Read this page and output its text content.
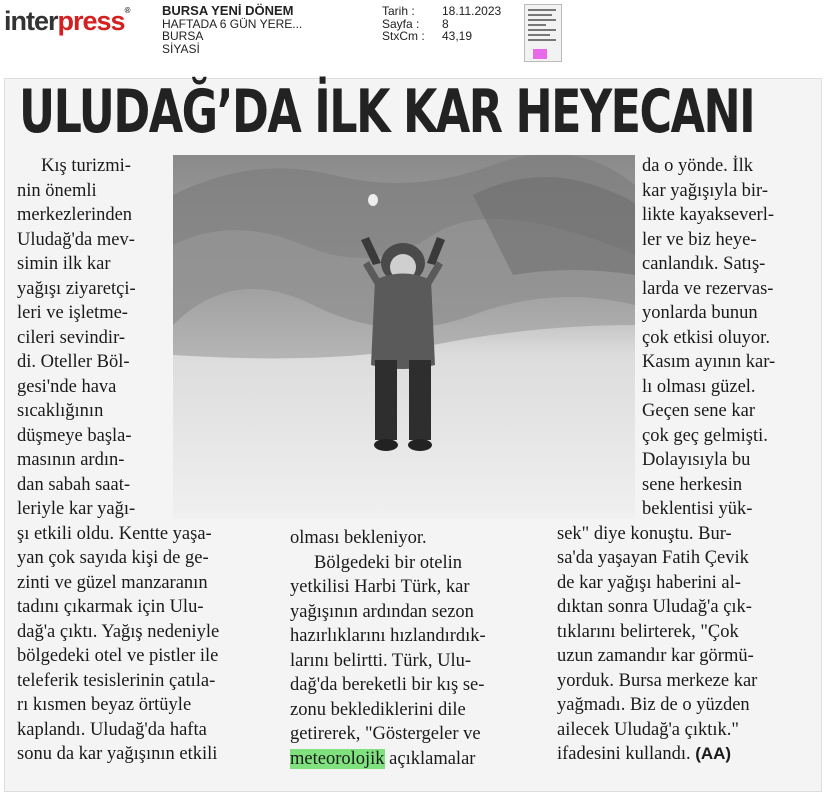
interpress®	BURSA YENİ DÖNEM
HAFTADA 6 GÜN YERE...
BURSA
SİYASİ
Tarih :	18.11.2023
Sayfa :	8
StxCm :	43,19
ULUDAĞ’DA İLK KAR HEYECANI
Kış turizmi-
nin önemli
merkezlerinden
Uludağ'da mev-
simin ilk kar
yağışı ziyaretçi-
leri ve işletme-
cileri sevindir-
di. Oteller Böl-
gesi'nde hava
sıcaklığının
düşmeye başla-
masının ardın-
dan sabah saat-
leriyle kar yağı-
şı etkili oldu. Kentte yaşa-
yan çok sayıda kişi de ge-
zinti ve güzel manzaranın
tadını çıkarmak için Ulu-
dağ'a çıktı. Yağış nedeniyle
bölgedeki otel ve pistler ile
teleferik tesislerinin çatıla-
rı kısmen beyaz örtüyle
kaplandı. Uludağ'da hafta
sonu da kar yağışının etkili
olması bekleniyor.
Bölgedeki bir otelin
yetkilisi Harbi Türk, kar
yağışının ardından sezon
hazırlıklarını hızlandırdık-
larını belirtti. Türk, Ulu-
dağ'da bereketli bir kış se-
zonu beklediklerini dile
getirerek, "Göstergeler ve
meteorolojik açıklamalar
da o yönde. İlk
kar yağışıyla bir-
likte kayakseverl-
ler ve biz heye-
canlandık. Satış-
larda ve rezervas-
yonlarda bunun
çok etkisi oluyor.
Kasım ayının kar-
lı olması güzel.
Geçen sene kar
çok geç gelmişti.
Dolayısıyla bu
sene herkesin
beklentisi yük-
sek" diye konuştu. Bur-
sa'da yaşayan Fatih Çevik
de kar yağışı haberini al-
dıktan sonra Uludağ'a çık-
tıklarını belirterek, "Çok
uzun zamandır kar görmü-
yorduk. Bursa merkeze kar
yağmadı. Biz de o yüzden
ailecek Uludağ'a çıktık."
ifadesini kullandı. (AA)
